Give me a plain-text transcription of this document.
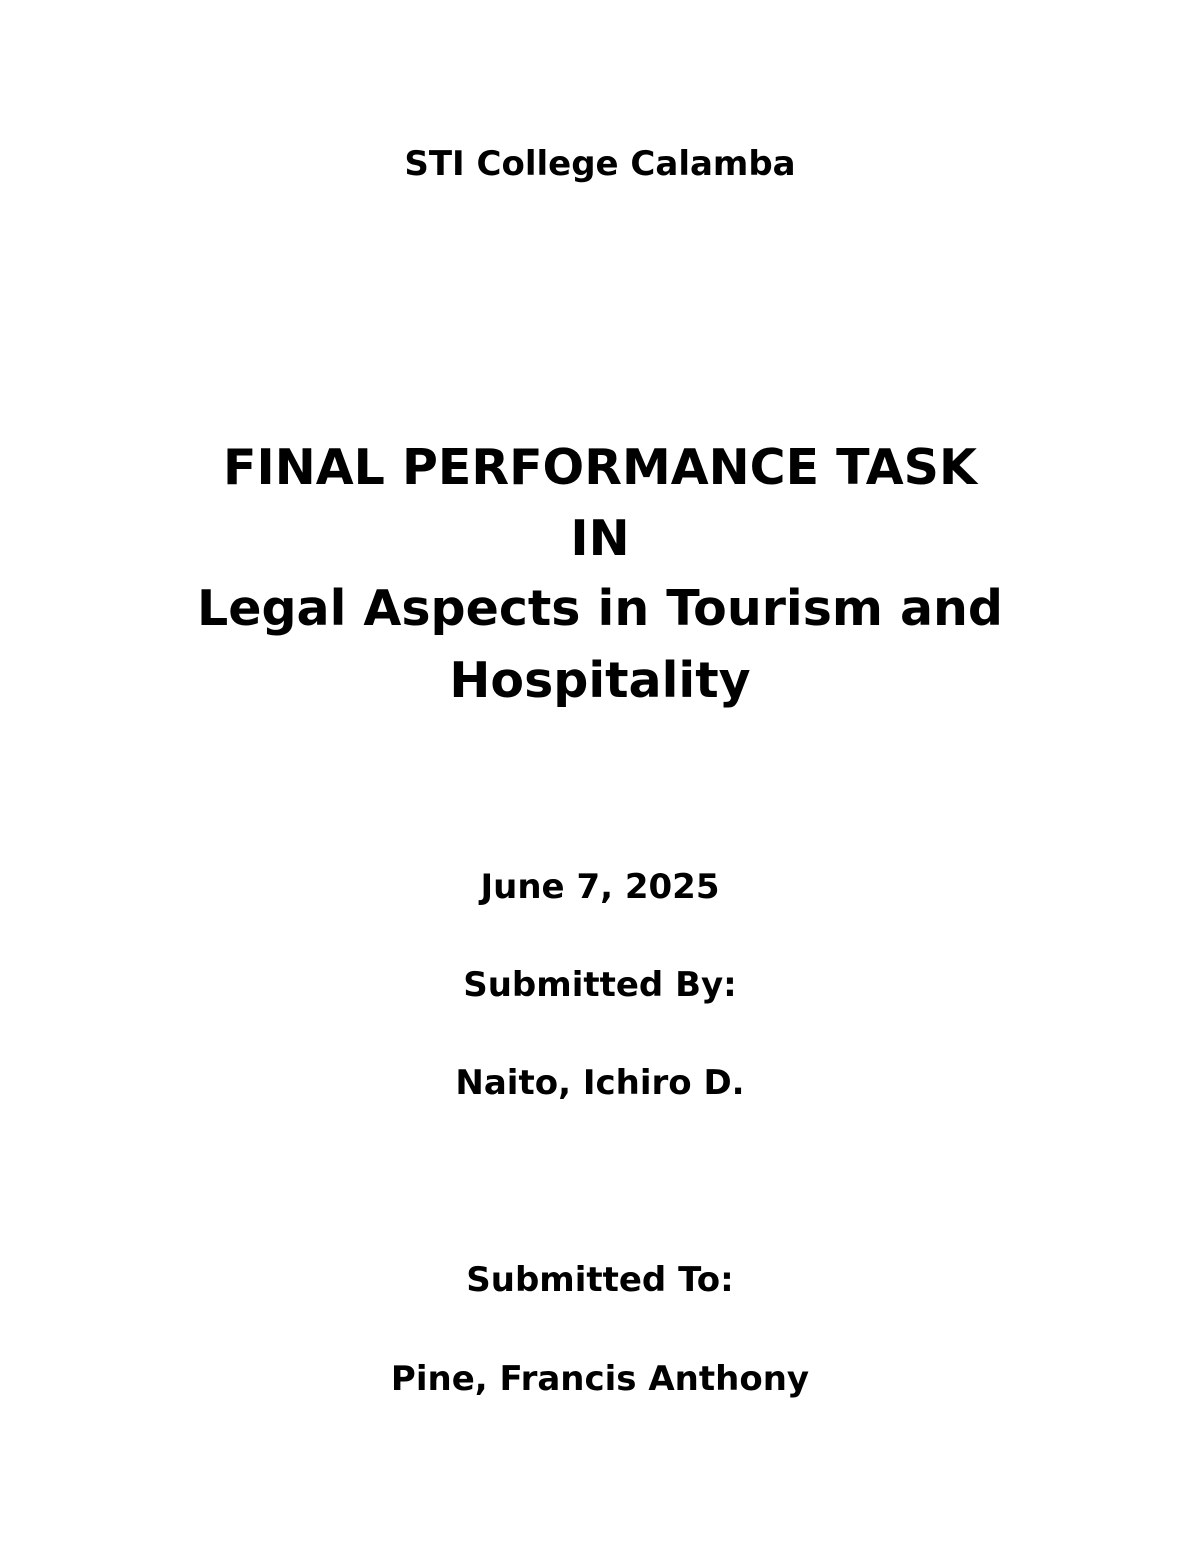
STI College Calamba
FINAL PERFORMANCE TASK
IN
Legal Aspects in Tourism and
Hospitality
June 7, 2025
Submitted By:
Naito, Ichiro D.
Submitted To:
Pine, Francis Anthony
